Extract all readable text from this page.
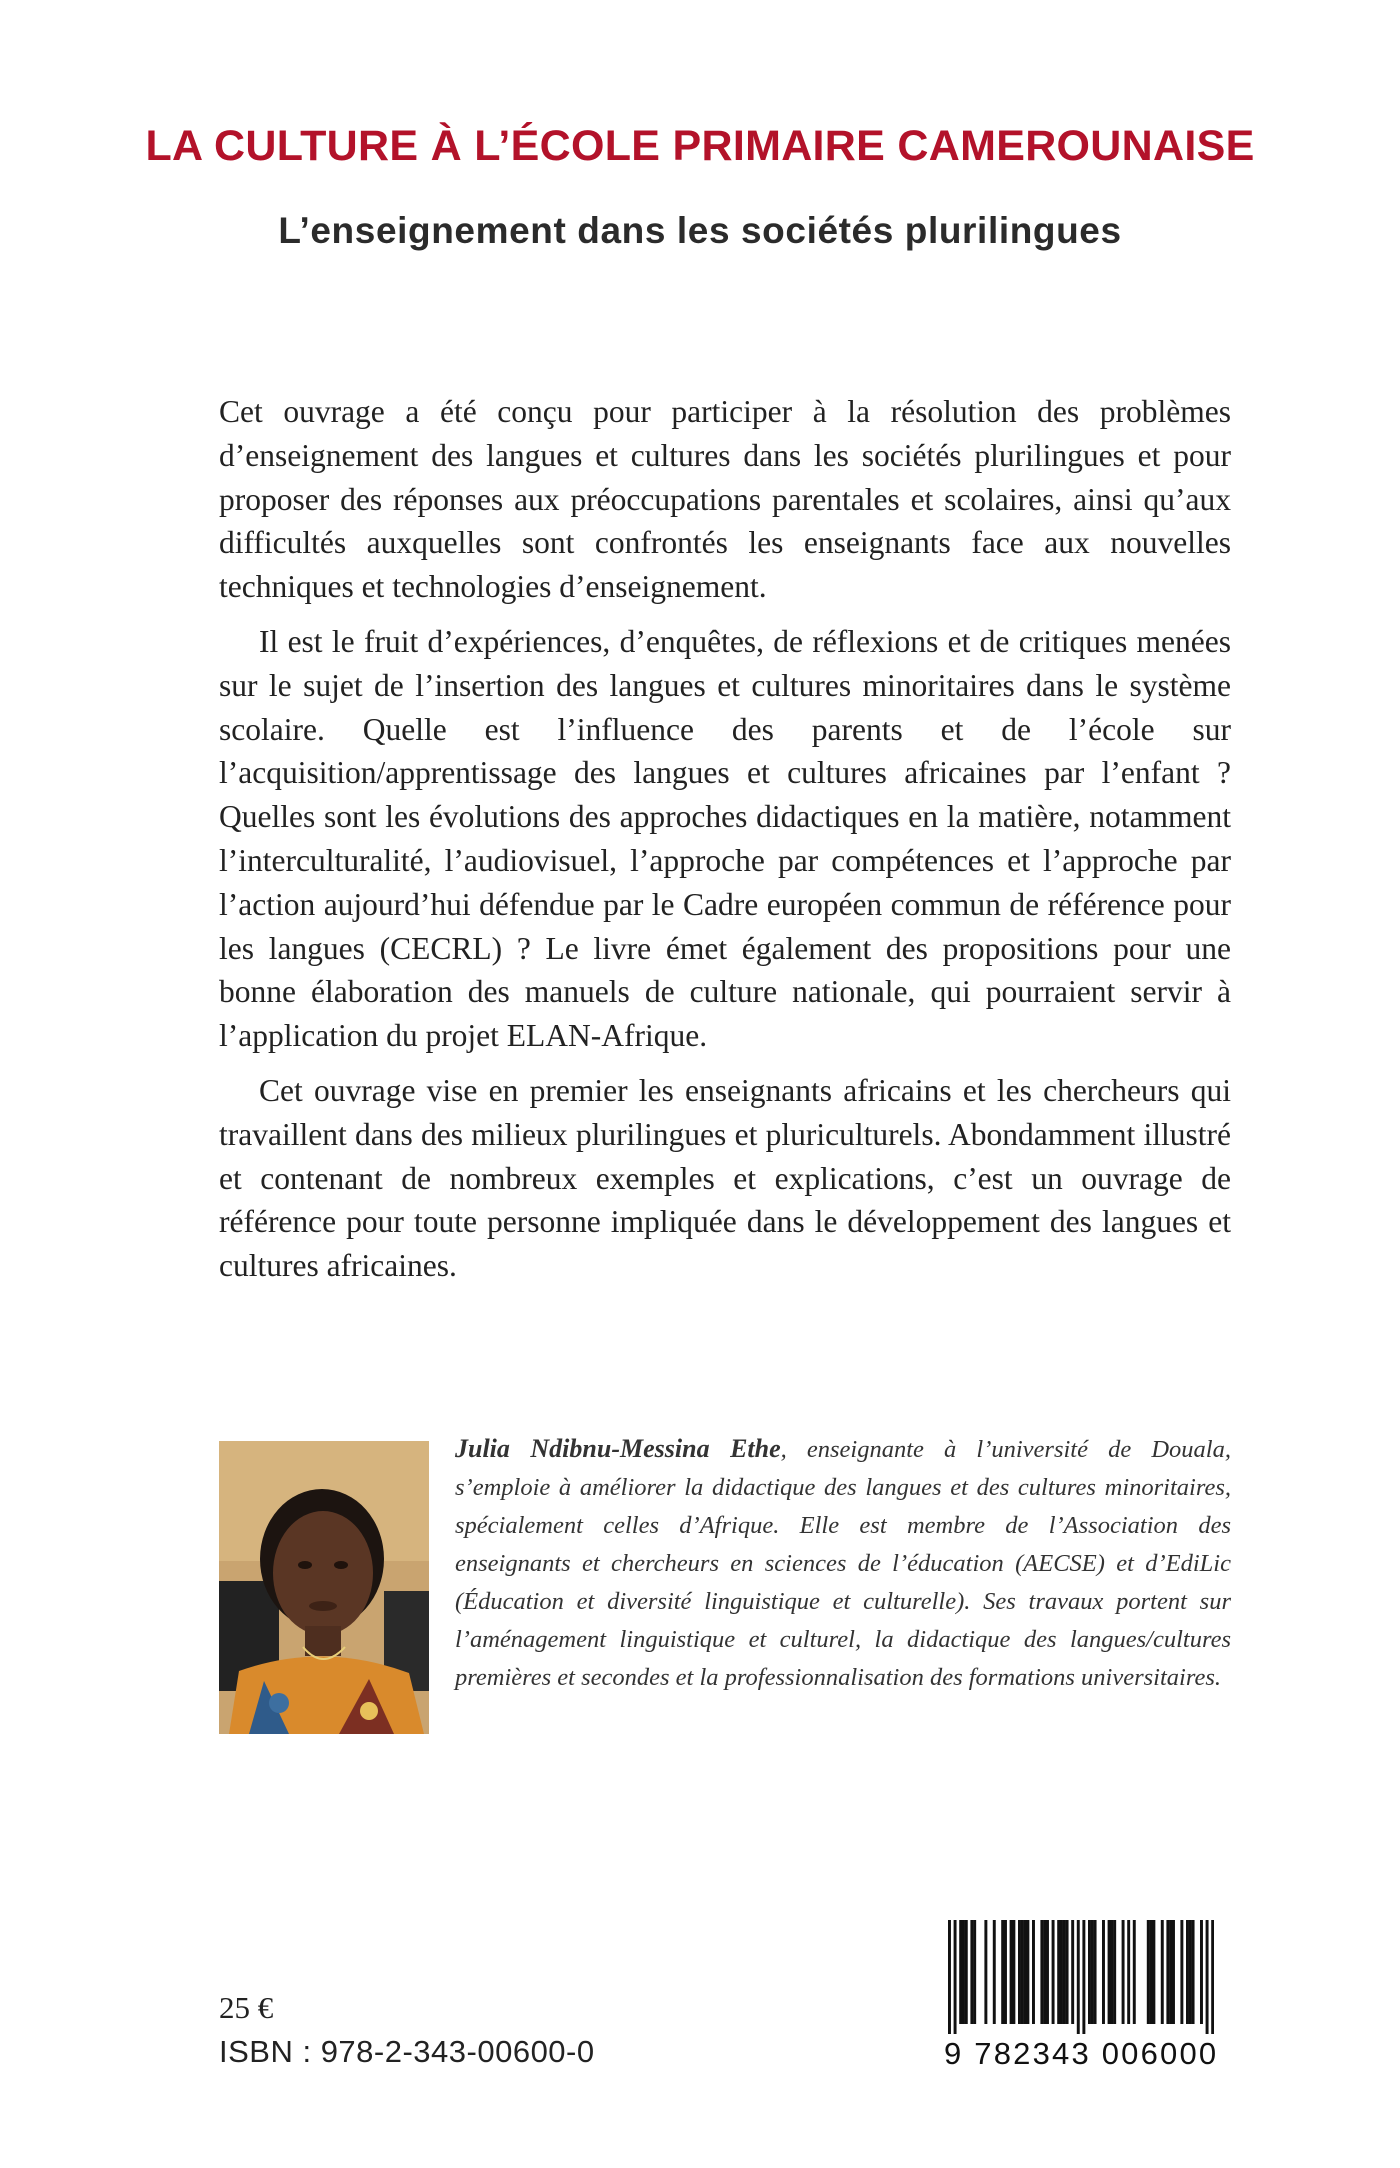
LA CULTURE À L’ÉCOLE PRIMAIRE CAMEROUNAISE
L’enseignement dans les sociétés plurilingues

Cet ouvrage a été conçu pour participer à la résolution des problèmes d’enseignement des langues et cultures dans les sociétés plurilingues et pour proposer des réponses aux préoccupations parentales et scolaires, ainsi qu’aux difficultés auxquelles sont confrontés les enseignants face aux nouvelles techniques et technologies d’enseignement.

Il est le fruit d’expériences, d’enquêtes, de réflexions et de critiques menées sur le sujet de l’insertion des langues et cultures minoritaires dans le système scolaire. Quelle est l’influence des parents et de l’école sur l’acquisition/apprentissage des langues et cultures africaines par l’enfant ? Quelles sont les évolutions des approches didactiques en la matière, notamment l’interculturalité, l’audiovisuel, l’approche par compétences et l’approche par l’action aujourd’hui défendue par le Cadre européen commun de référence pour les langues (CECRL) ? Le livre émet également des propositions pour une bonne élaboration des manuels de culture nationale, qui pourraient servir à l’application du projet ELAN-Afrique.

Cet ouvrage vise en premier les enseignants africains et les chercheurs qui travaillent dans des milieux plurilingues et pluriculturels. Abondamment illustré et contenant de nombreux exemples et explications, c’est un ouvrage de référence pour toute personne impliquée dans le développement des langues et cultures africaines.

Julia Ndibnu-Messina Ethe, enseignante à l’université de Douala, s’emploie à améliorer la didactique des langues et des cultures minoritaires, spécialement celles d’Afrique. Elle est membre de l’Association des enseignants et chercheurs en sciences de l’éducation (AECSE) et d’EdiLic (Éducation et diversité linguistique et culturelle). Ses travaux portent sur l’aménagement linguistique et culturel, la didactique des langues/cultures premières et secondes et la professionnalisation des formations universitaires.

25 €

ISBN : 978-2-343-00600-0	9 782343 006000
